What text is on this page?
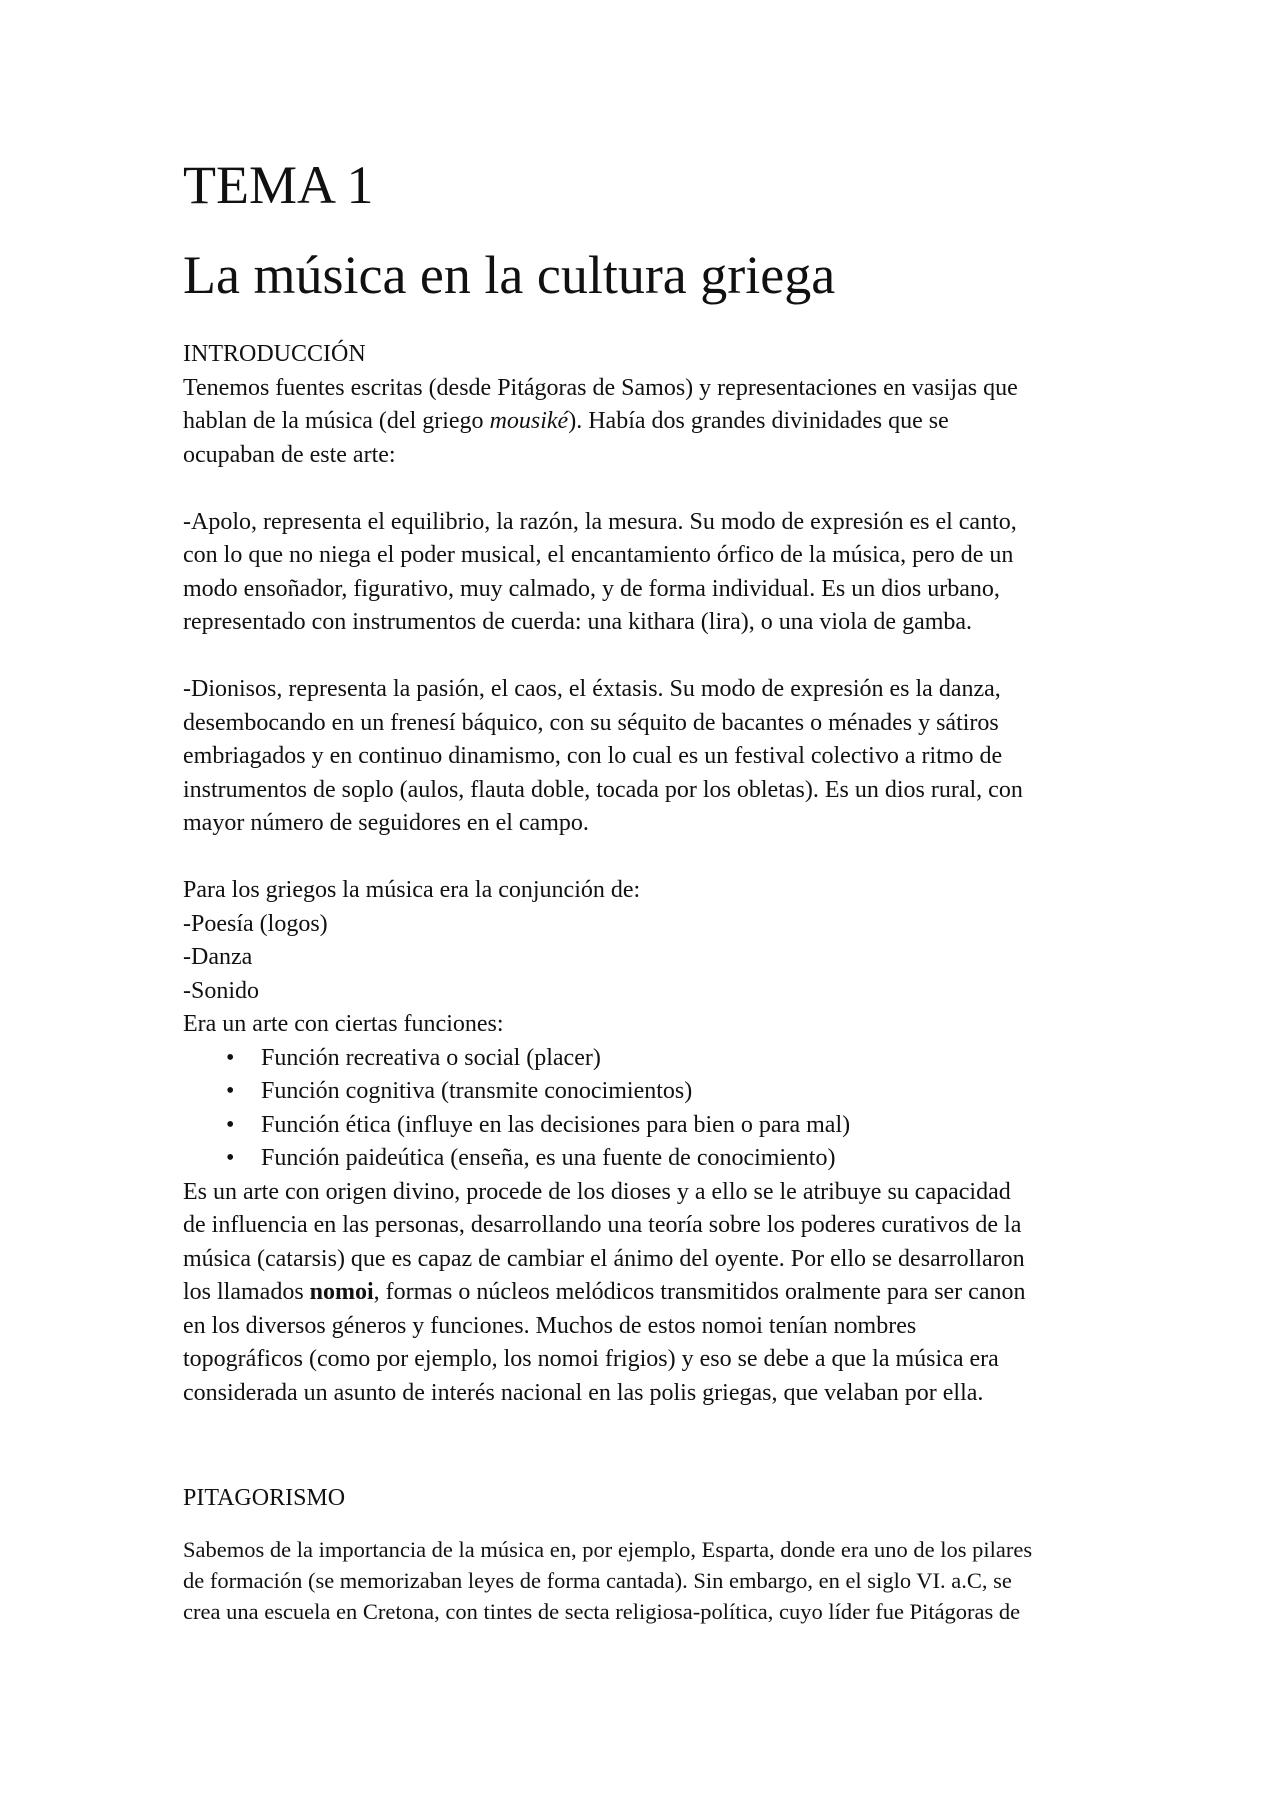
TEMA 1
La música en la cultura griega

INTRODUCCIÓN

Tenemos fuentes escritas (desde Pitágoras de Samos) y representaciones en vasijas que
hablan de la música (del griego mousiké). Había dos grandes divinidades que se
ocupaban de este arte:

-Apolo, representa el equilibrio, la razón, la mesura. Su modo de expresión es el canto,
con lo que no niega el poder musical, el encantamiento órfico de la música, pero de un
modo ensoñador, figurativo, muy calmado, y de forma individual. Es un dios urbano,
representado con instrumentos de cuerda: una kithara (lira), o una viola de gamba.

-Dionisos, representa la pasión, el caos, el éxtasis. Su modo de expresión es la danza,
desembocando en un frenesí báquico, con su séquito de bacantes o ménades y sátiros
embriagados y en continuo dinamismo, con lo cual es un festival colectivo a ritmo de
instrumentos de soplo (aulos, flauta doble, tocada por los obletas). Es un dios rural, con
mayor número de seguidores en el campo.

Para los griegos la música era la conjunción de:

-Poesía (logos)

-Danza

-Sonido

Era un arte con ciertas funciones:

• Función recreativa o social (placer)
• Función cognitiva (transmite conocimientos)
• Función ética (influye en las decisiones para bien o para mal)
• Función paideútica (enseña, es una fuente de conocimiento)

Es un arte con origen divino, procede de los dioses y a ello se le atribuye su capacidad
de influencia en las personas, desarrollando una teoría sobre los poderes curativos de la
música (catarsis) que es capaz de cambiar el ánimo del oyente. Por ello se desarrollaron
los llamados nomoi, formas o núcleos melódicos transmitidos oralmente para ser canon
en los diversos géneros y funciones. Muchos de estos nomoi tenían nombres
topográficos (como por ejemplo, los nomoi frigios) y eso se debe a que la música era
considerada un asunto de interés nacional en las polis griegas, que velaban por ella.

PITAGORISMO

Sabemos de la importancia de la música en, por ejemplo, Esparta, donde era uno de los pilares
de formación (se memorizaban leyes de forma cantada). Sin embargo, en el siglo VI. a.C, se
crea una escuela en Cretona, con tintes de secta religiosa-política, cuyo líder fue Pitágoras de
